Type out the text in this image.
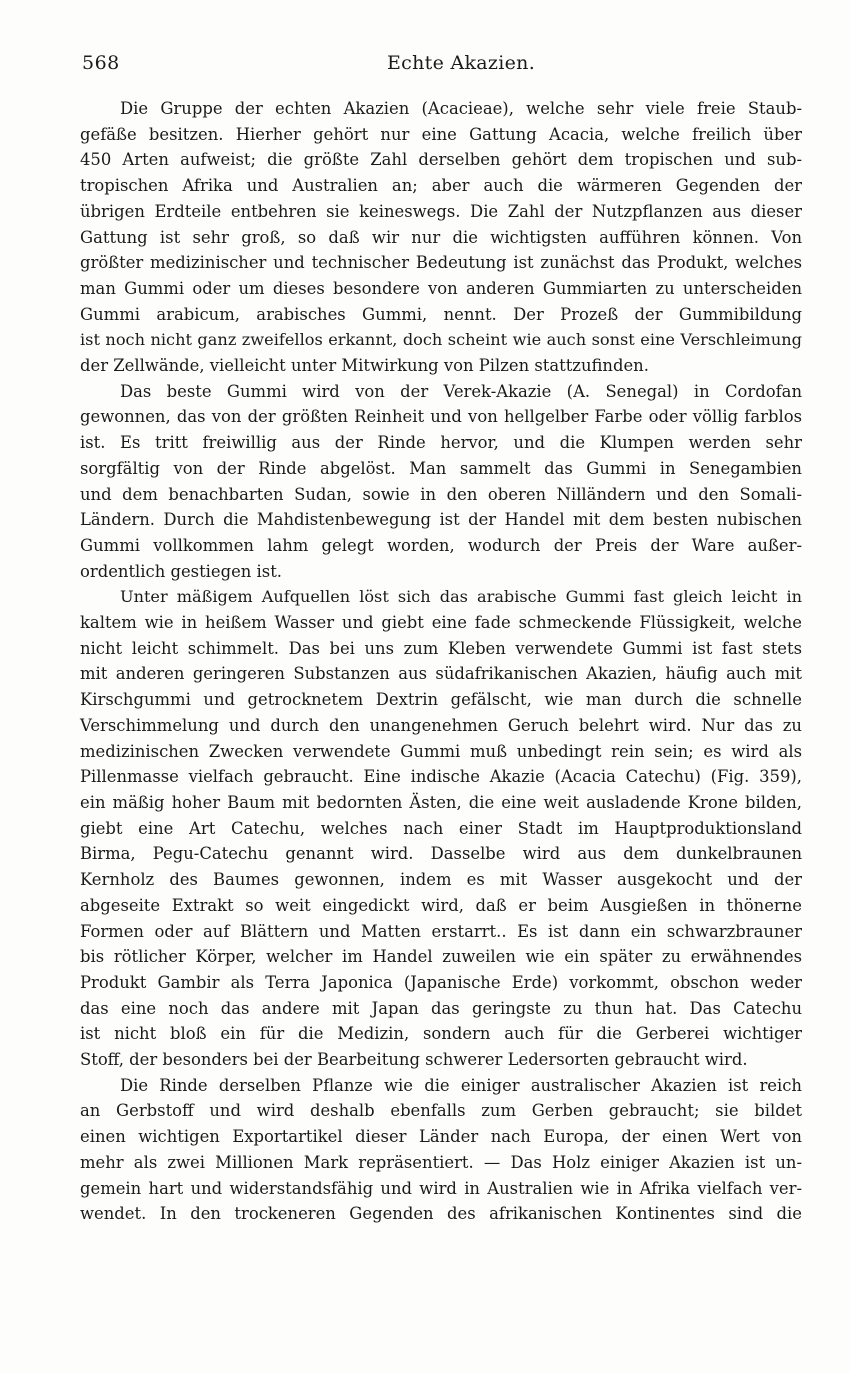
568	Echte Akazien.

Die Gruppe der echten Akazien (Acacieae), welche sehr viele freie Staub-
gefäße besitzen. Hierher gehört nur eine Gattung Acacia, welche freilich über
450 Arten aufweist; die größte Zahl derselben gehört dem tropischen und sub-
tropischen Afrika und Australien an; aber auch die wärmeren Gegenden der
übrigen Erdteile entbehren sie keineswegs. Die Zahl der Nutzpflanzen aus dieser
Gattung ist sehr groß, so daß wir nur die wichtigsten aufführen können. Von
größter medizinischer und technischer Bedeutung ist zunächst das Produkt, welches
man Gummi oder um dieses besondere von anderen Gummiarten zu unterscheiden
Gummi arabicum, arabisches Gummi, nennt. Der Prozeß der Gummibildung
ist noch nicht ganz zweifellos erkannt, doch scheint wie auch sonst eine Verschleimung
der Zellwände, vielleicht unter Mitwirkung von Pilzen stattzufinden.

Das beste Gummi wird von der Verek-Akazie (A. Senegal) in Cordofan
gewonnen, das von der größten Reinheit und von hellgelber Farbe oder völlig farblos
ist. Es tritt freiwillig aus der Rinde hervor, und die Klumpen werden sehr
sorgfältig von der Rinde abgelöst. Man sammelt das Gummi in Senegambien
und dem benachbarten Sudan, sowie in den oberen Nilländern und den Somali-
Ländern. Durch die Mahdistenbewegung ist der Handel mit dem besten nubischen
Gummi vollkommen lahm gelegt worden, wodurch der Preis der Ware außer-
ordentlich gestiegen ist.

Unter mäßigem Aufquellen löst sich das arabische Gummi fast gleich leicht in
kaltem wie in heißem Wasser und giebt eine fade schmeckende Flüssigkeit, welche
nicht leicht schimmelt. Das bei uns zum Kleben verwendete Gummi ist fast stets
mit anderen geringeren Substanzen aus südafrikanischen Akazien, häufig auch mit
Kirschgummi und getrocknetem Dextrin gefälscht, wie man durch die schnelle
Verschimmelung und durch den unangenehmen Geruch belehrt wird. Nur das zu
medizinischen Zwecken verwendete Gummi muß unbedingt rein sein; es wird als
Pillenmasse vielfach gebraucht. Eine indische Akazie (Acacia Catechu) (Fig. 359),
ein mäßig hoher Baum mit bedornten Ästen, die eine weit ausladende Krone bilden,
giebt eine Art Catechu, welches nach einer Stadt im Hauptproduktionsland
Birma, Pegu-Catechu genannt wird. Dasselbe wird aus dem dunkelbraunen
Kernholz des Baumes gewonnen, indem es mit Wasser ausgekocht und der
abgeseite Extrakt so weit eingedickt wird, daß er beim Ausgießen in thönerne
Formen oder auf Blättern und Matten erstarrt.. Es ist dann ein schwarzbrauner
bis rötlicher Körper, welcher im Handel zuweilen wie ein später zu erwähnendes
Produkt Gambir als Terra Japonica (Japanische Erde) vorkommt, obschon weder
das eine noch das andere mit Japan das geringste zu thun hat. Das Catechu
ist nicht bloß ein für die Medizin, sondern auch für die Gerberei wichtiger
Stoff, der besonders bei der Bearbeitung schwerer Ledersorten gebraucht wird.

Die Rinde derselben Pflanze wie die einiger australischer Akazien ist reich
an Gerbstoff und wird deshalb ebenfalls zum Gerben gebraucht; sie bildet
einen wichtigen Exportartikel dieser Länder nach Europa, der einen Wert von
mehr als zwei Millionen Mark repräsentiert. — Das Holz einiger Akazien ist un-
gemein hart und widerstandsfähig und wird in Australien wie in Afrika vielfach ver-
wendet. In den trockeneren Gegenden des afrikanischen Kontinentes sind die
